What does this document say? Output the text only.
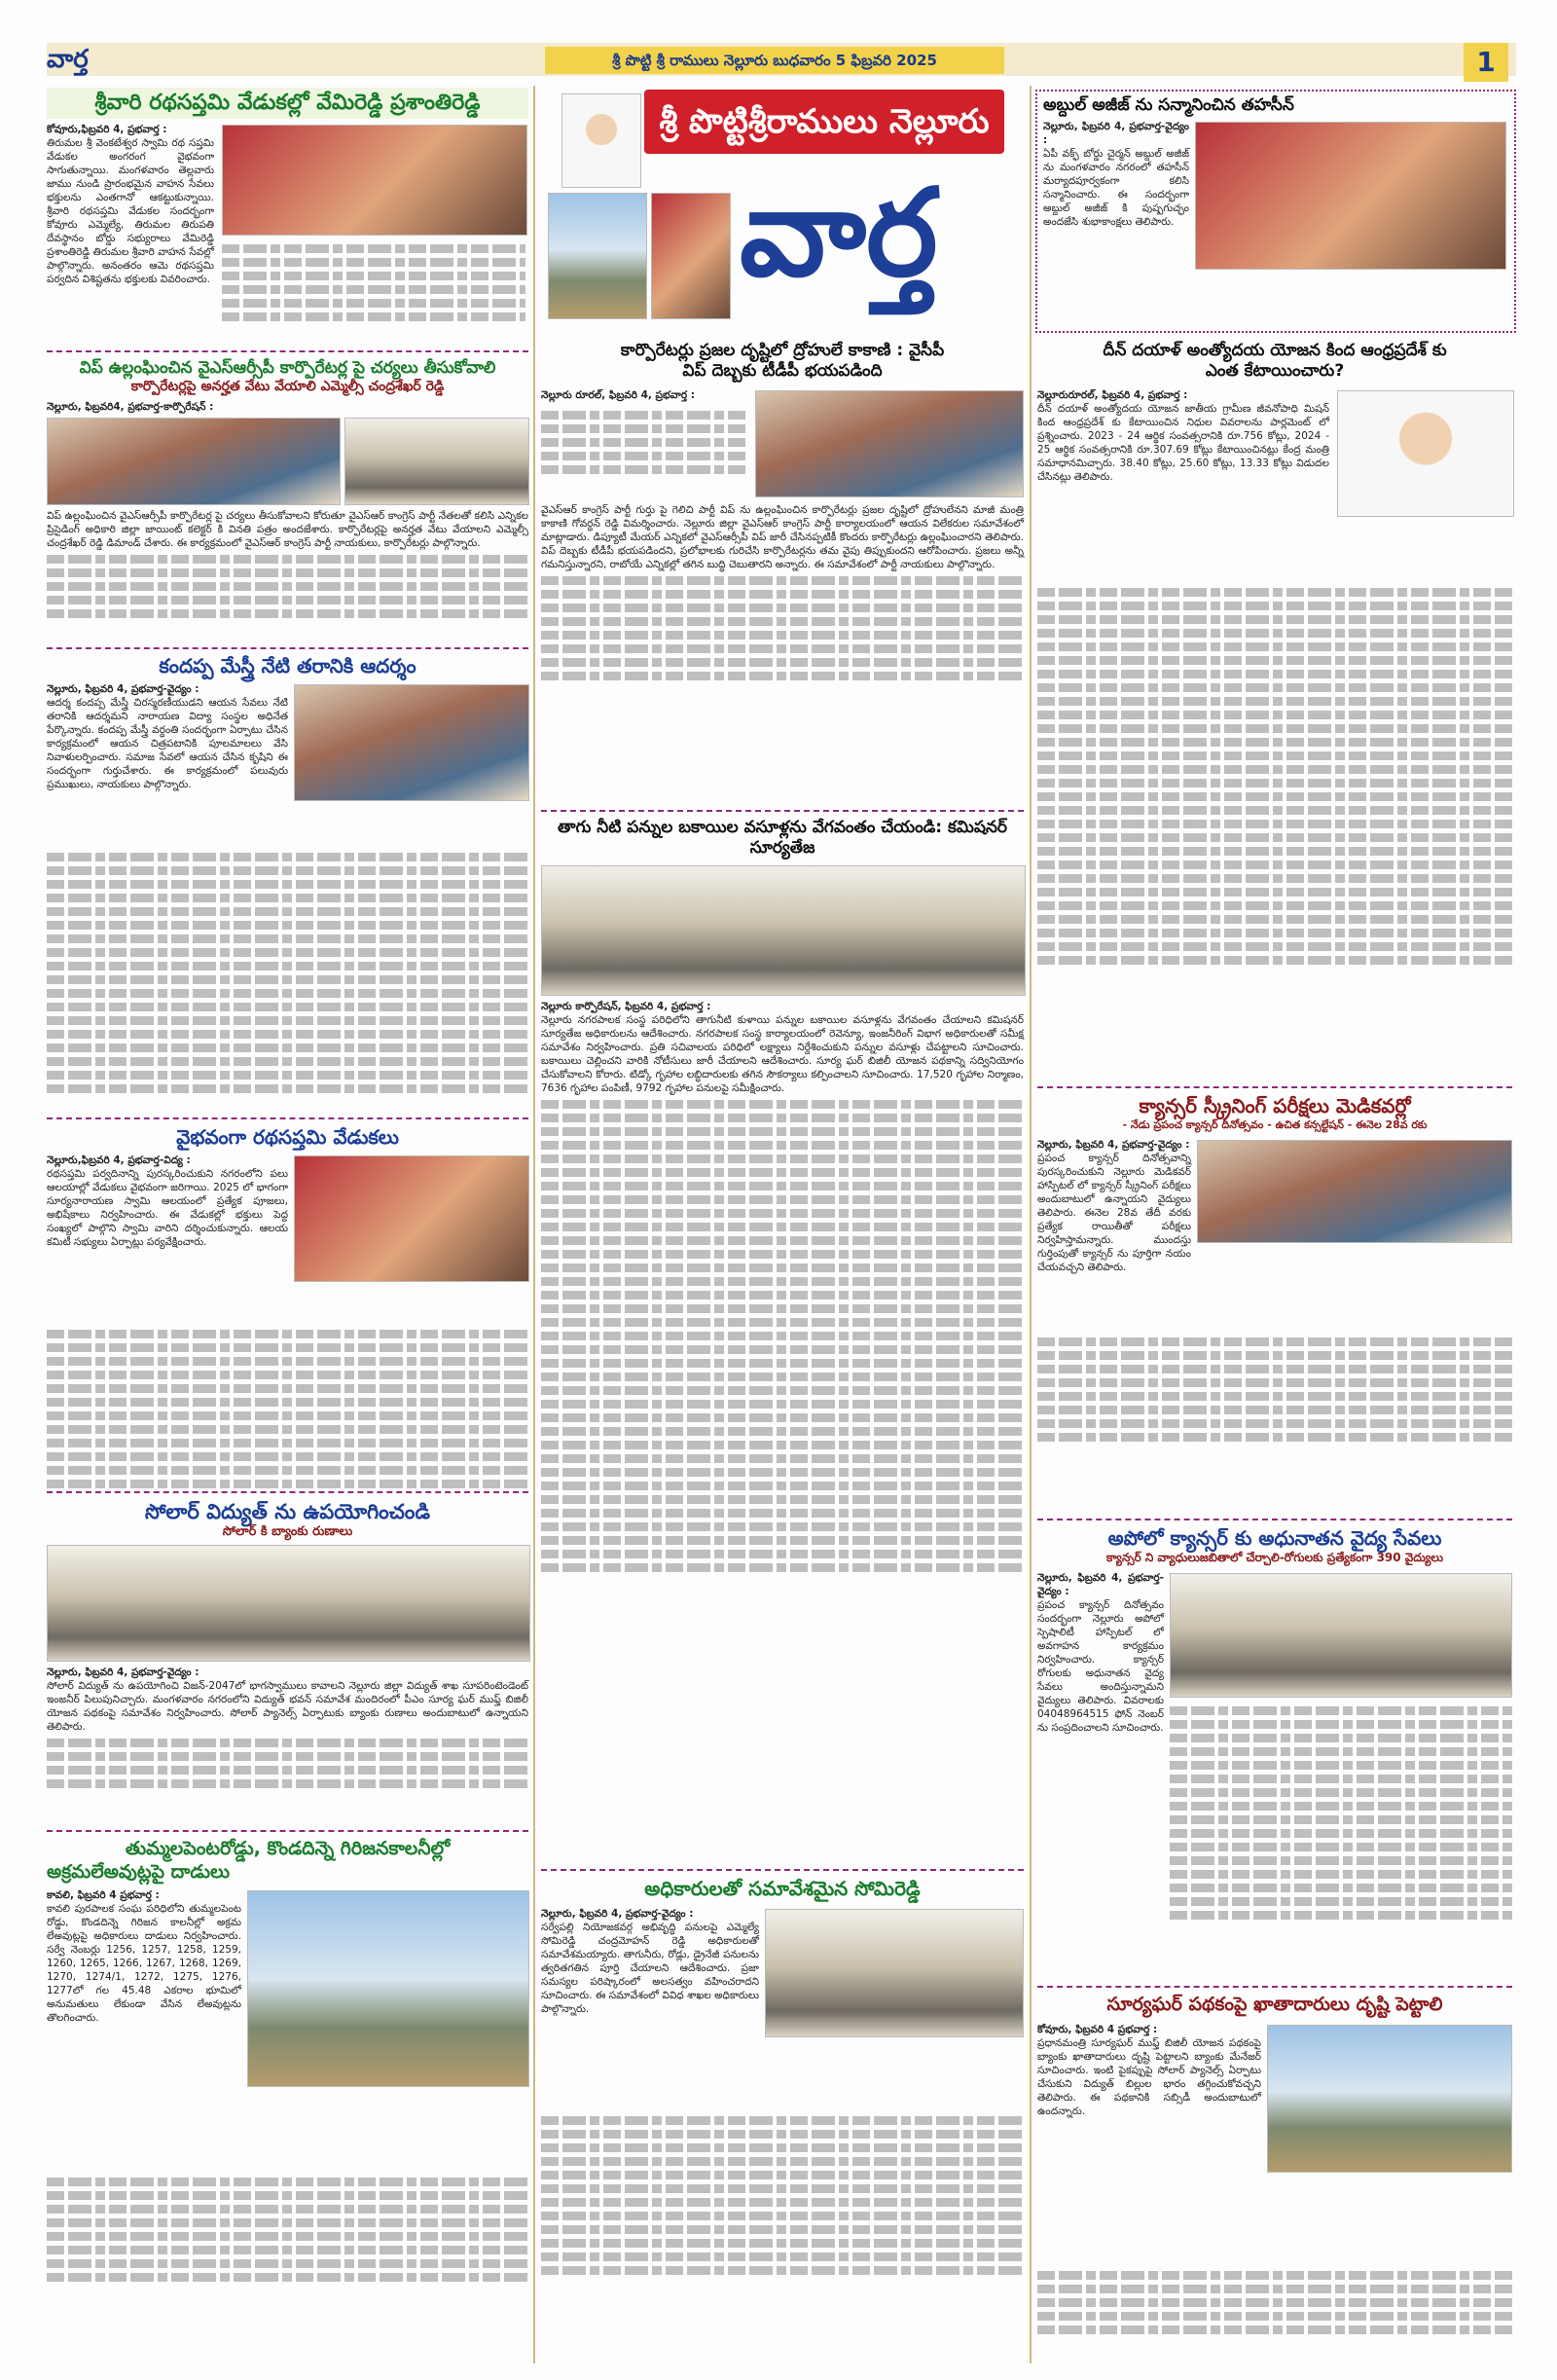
వార్త	శ్రీ పొట్టి శ్రీ రాములు నెల్లూరు బుధవారం 5 ఫిబ్రవరి 2025	1
శ్రీ పొట్టిశ్రీరాములు నెల్లూరు
వార్త

శ్రీవారి రథసప్తమి వేడుకల్లో వేమిరెడ్డి ప్రశాంతిరెడ్డి

కోవూరు,ఫిబ్రవరి 4, ప్రభవార్త :

తిరుమల శ్రీ వెంకటేశ్వర స్వామి రథ సప్తమి వేడుకల అంగరంగ వైభవంగా సాగుతున్నాయి. మంగళవారం తెల్లవారు జాము నుండి ప్రారంభమైన వాహన సేవలు భక్తులను ఎంతగానో ఆకట్టుకున్నాయి. శ్రీవారి రథసప్తమి వేడుకల సందర్భంగా కోవూరు ఎమ్మెల్యే, తిరుమల తిరుపతి దేవస్థానం బోర్డు సభ్యురాలు వేమిరెడ్డి ప్రశాంతిరెడ్డి తిరుమల శ్రీవారి వాహన సేవల్లో పాల్గొన్నారు. అనంతరం ఆమె రథసప్తమి పర్వదిన విశిష్టతను భక్తులకు వివరించారు.

విప్ ఉల్లంఘించిన వైఎస్ఆర్సీపీ కార్పొరేటర్ల పై చర్యలు తీసుకోవాలి

కార్పొరేటర్లపై అనర్హత వేటు వేయాలి ఎమ్మెల్సీ చంద్రశేఖర్ రెడ్డి

నెల్లూరు, ఫిబ్రవరి4, ప్రభవార్త-కార్పొరేషన్ :

విప్ ఉల్లంఘించిన వైఎస్ఆర్సీపీ కార్పొరేటర్ల పై చర్యలు తీసుకోవాలని కోరుతూ వైఎస్ఆర్ కాంగ్రెస్ పార్టీ నేతలతో కలిసి ఎన్నికల ప్రిసైడింగ్ అధికారి జిల్లా జాయింట్ కలెక్టర్ కి వినతి పత్రం అందజేశారు. కార్పొరేటర్లపై అనర్హత వేటు వేయాలని ఎమ్మెల్సీ చంద్రశేఖర్ రెడ్డి డిమాండ్ చేశారు. ఈ కార్యక్రమంలో వైఎస్ఆర్ కాంగ్రెస్ పార్టీ నాయకులు, కార్పొరేటర్లు పాల్గొన్నారు.

కందప్ప మేస్త్రీ నేటి తరానికి ఆదర్శం

నెల్లూరు, ఫిబ్రవరి 4, ప్రభవార్త-వైద్యం :

ఆదర్శ కందప్ప మేస్త్రీ చిరస్మరణీయుడని ఆయన సేవలు నేటి తరానికి ఆదర్శమని నారాయణ విద్యా సంస్థల అధినేత పేర్కొన్నారు. కందప్ప మేస్త్రీ వర్ధంతి సందర్భంగా ఏర్పాటు చేసిన కార్యక్రమంలో ఆయన చిత్రపటానికి పూలమాలలు వేసి నివాళులర్పించారు. సమాజ సేవలో ఆయన చేసిన కృషిని ఈ సందర్భంగా గుర్తుచేశారు. ఈ కార్యక్రమంలో పలువురు ప్రముఖులు, నాయకులు పాల్గొన్నారు.

వైభవంగా రథసప్తమి వేడుకలు

నెల్లూరు,ఫిబ్రవరి 4, ప్రభవార్త-విద్య :

రథసప్తమి పర్వదినాన్ని పురస్కరించుకుని నగరంలోని పలు ఆలయాల్లో వేడుకలు వైభవంగా జరిగాయి. 2025 లో భాగంగా సూర్యనారాయణ స్వామి ఆలయంలో ప్రత్యేక పూజలు, అభిషేకాలు నిర్వహించారు. ఈ వేడుకల్లో భక్తులు పెద్ద సంఖ్యలో పాల్గొని స్వామి వారిని దర్శించుకున్నారు. ఆలయ కమిటీ సభ్యులు ఏర్పాట్లు పర్యవేక్షించారు.

సోలార్ విద్యుత్ ను ఉపయోగించండి

సోలార్ కి బ్యాంకు రుణాలు

నెల్లూరు, ఫిబ్రవరి 4, ప్రభవార్త-వైద్యం :

సోలార్ విద్యుత్ ను ఉపయోగించి విజన్-2047లో భాగస్వాములు కావాలని నెల్లూరు జిల్లా విద్యుత్ శాఖ సూపరింటెండెంట్ ఇంజనీర్ పిలుపునిచ్చారు. మంగళవారం నగరంలోని విద్యుత్ భవన్ సమావేశ మందిరంలో పీఎం సూర్య ఘర్ ముఫ్త్ బిజిలీ యోజన పథకంపై సమావేశం నిర్వహించారు. సోలార్ ప్యానెల్స్ ఏర్పాటుకు బ్యాంకు రుణాలు అందుబాటులో ఉన్నాయని తెలిపారు.

తుమ్మలపెంటరోడ్డు, కొండదిన్నె గిరిజనకాలనీల్లో

అక్రమలేఅవుట్లపై దాడులు

కావలి, ఫిబ్రవరి 4 ప్రభవార్త :

కావలి పురపాలక సంఘ పరిధిలోని తుమ్మలపెంట రోడ్డు, కొండదిన్నె గిరిజన కాలనీల్లో అక్రమ లేఅవుట్లపై అధికారులు దాడులు నిర్వహించారు. సర్వే నెంబర్లు 1256, 1257, 1258, 1259, 1260, 1265, 1266, 1267, 1268, 1269, 1270, 1274/1, 1272, 1275, 1276, 1277లో గల 45.48 ఎకరాల భూమిలో అనుమతులు లేకుండా వేసిన లేఅవుట్లను తొలగించారు.

కార్పొరేటర్లు ప్రజల దృష్టిలో ద్రోహులే కాకాణి : వైసీపీ

విప్ దెబ్బకు టీడీపీ భయపడింది

నెల్లూరు రూరల్, ఫిబ్రవరి 4, ప్రభవార్త :

వైఎస్ఆర్ కాంగ్రెస్ పార్టీ గుర్తు పై గెలిచి పార్టీ విప్ ను ఉల్లంఘించిన కార్పొరేటర్లు ప్రజల దృష్టిలో ద్రోహులేనని మాజీ మంత్రి కాకాణి గోవర్ధన్ రెడ్డి విమర్శించారు. నెల్లూరు జిల్లా వైఎస్ఆర్ కాంగ్రెస్ పార్టీ కార్యాలయంలో ఆయన విలేకరుల సమావేశంలో మాట్లాడారు. డిప్యూటీ మేయర్ ఎన్నికలో వైఎస్ఆర్సీపీ విప్ జారీ చేసినప్పటికీ కొందరు కార్పొరేటర్లు ఉల్లంఘించారని తెలిపారు. విప్ దెబ్బకు టీడీపీ భయపడిందని, ప్రలోభాలకు గురిచేసి కార్పొరేటర్లను తమ వైపు తిప్పుకుందని ఆరోపించారు. ప్రజలు అన్నీ గమనిస్తున్నారని, రాబోయే ఎన్నికల్లో తగిన బుద్ధి చెబుతారని అన్నారు. ఈ సమావేశంలో పార్టీ నాయకులు పాల్గొన్నారు.

తాగు నీటి పన్నుల బకాయిల వసూళ్లను వేగవంతం చేయండి: కమిషనర్ సూర్యతేజ

నెల్లూరు కార్పొరేషన్, ఫిబ్రవరి 4, ప్రభవార్త :

నెల్లూరు నగరపాలక సంస్థ పరిధిలోని తాగునీటి కుళాయి పన్నుల బకాయిల వసూళ్లను వేగవంతం చేయాలని కమిషనర్ సూర్యతేజ అధికారులను ఆదేశించారు. నగరపాలక సంస్థ కార్యాలయంలో రెవెన్యూ, ఇంజనీరింగ్ విభాగ అధికారులతో సమీక్ష సమావేశం నిర్వహించారు. ప్రతి సచివాలయ పరిధిలో లక్ష్యాలు నిర్దేశించుకుని పన్నుల వసూళ్లు చేపట్టాలని సూచించారు. బకాయిలు చెల్లించని వారికి నోటీసులు జారీ చేయాలని ఆదేశించారు. సూర్య ఘర్ బిజిలీ యోజన పథకాన్ని సద్వినియోగం చేసుకోవాలని కోరారు. టిడ్కో గృహాల లబ్ధిదారులకు తగిన సౌకర్యాలు కల్పించాలని సూచించారు. 17,520 గృహాల నిర్మాణం, 7636 గృహాల పంపిణీ, 9792 గృహాల పనులపై సమీక్షించారు.

అధికారులతో సమావేశమైన సోమిరెడ్డి

నెల్లూరు, ఫిబ్రవరి 4, ప్రభవార్త-వైద్యం :

సర్వేపల్లి నియోజకవర్గ అభివృద్ధి పనులపై ఎమ్మెల్యే సోమిరెడ్డి చంద్రమోహన్ రెడ్డి అధికారులతో సమావేశమయ్యారు. తాగునీరు, రోడ్లు, డ్రైనేజీ పనులను త్వరితగతిన పూర్తి చేయాలని ఆదేశించారు. ప్రజా సమస్యల పరిష్కారంలో అలసత్వం వహించరాదని సూచించారు. ఈ సమావేశంలో వివిధ శాఖల అధికారులు పాల్గొన్నారు.

అబ్దుల్ అజీజ్ ను సన్మానించిన తహసీన్

నెల్లూరు, ఫిబ్రవరి 4, ప్రభవార్త-వైద్యం :

ఏపీ వక్ఫ్ బోర్డు చైర్మన్ అబ్దుల్ అజీజ్ ను మంగళవారం నగరంలో తహసీన్ మర్యాదపూర్వకంగా కలిసి సన్మానించారు. ఈ సందర్భంగా అబ్దుల్ అజీజ్ కి పుష్పగుచ్ఛం అందజేసి శుభాకాంక్షలు తెలిపారు.

దీన్ దయాళ్ అంత్యోదయ యోజన కింద ఆంధ్రప్రదేశ్ కు

ఎంత కేటాయించారు?

నెల్లూరురూరల్, ఫిబ్రవరి 4, ప్రభవార్త :

దీన్ దయాళ్ అంత్యోదయ యోజన జాతీయ గ్రామీణ జీవనోపాధి మిషన్ కింద ఆంధ్రప్రదేశ్ కు కేటాయించిన నిధుల వివరాలను పార్లమెంట్ లో ప్రశ్నించారు. 2023 - 24 ఆర్థిక సంవత్సరానికి రూ.756 కోట్లు, 2024 - 25 ఆర్థిక సంవత్సరానికి రూ.307.69 కోట్లు కేటాయించినట్లు కేంద్ర మంత్రి సమాధానమిచ్చారు. 38.40 కోట్లు, 25.60 కోట్లు, 13.33 కోట్లు విడుదల చేసినట్లు తెలిపారు.

క్యాన్సర్ స్క్రీనింగ్ పరీక్షలు మెడికవర్లో

- నేడు ప్రపంచ క్యాన్సర్ దినోత్సవం - ఉచిత కన్సల్టేషన్ - ఈనెల 28వ రకు

నెల్లూరు, ఫిబ్రవరి 4, ప్రభవార్త-వైద్యం :

ప్రపంచ క్యాన్సర్ దినోత్సవాన్ని పురస్కరించుకుని నెల్లూరు మెడికవర్ హాస్పిటల్ లో క్యాన్సర్ స్క్రీనింగ్ పరీక్షలు అందుబాటులో ఉన్నాయని వైద్యులు తెలిపారు. ఈనెల 28వ తేదీ వరకు ప్రత్యేక రాయితీతో పరీక్షలు నిర్వహిస్తామన్నారు. ముందస్తు గుర్తింపుతో క్యాన్సర్ ను పూర్తిగా నయం చేయవచ్చని తెలిపారు.

అపోలో క్యాన్సర్ కు అధునాతన వైద్య సేవలు

క్యాన్సర్ ని వ్యాధులుజబితాలో చేర్చాలి-రోగులకు ప్రత్యేకంగా 390 వైద్యులు

నెల్లూరు, ఫిబ్రవరి 4, ప్రభవార్త-వైద్యం :

ప్రపంచ క్యాన్సర్ దినోత్సవం సందర్భంగా నెల్లూరు అపోలో స్పెషాలిటీ హాస్పిటల్ లో అవగాహన కార్యక్రమం నిర్వహించారు. క్యాన్సర్ రోగులకు అధునాతన వైద్య సేవలు అందిస్తున్నామని వైద్యులు తెలిపారు. వివరాలకు 04048964515 ఫోన్ నెంబర్ ను సంప్రదించాలని సూచించారు.

సూర్యఘర్ పథకంపై ఖాతాదారులు దృష్టి పెట్టాలి

కోవూరు, ఫిబ్రవరి 4 ప్రభవార్త :

ప్రధానమంత్రి సూర్యఘర్ ముఫ్త్ బిజిలీ యోజన పథకంపై బ్యాంకు ఖాతాదారులు దృష్టి పెట్టాలని బ్యాంకు మేనేజర్ సూచించారు. ఇంటి పైకప్పుపై సోలార్ ప్యానెల్స్ ఏర్పాటు చేసుకుని విద్యుత్ బిల్లుల భారం తగ్గించుకోవచ్చని తెలిపారు. ఈ పథకానికి సబ్సిడీ అందుబాటులో ఉందన్నారు.
